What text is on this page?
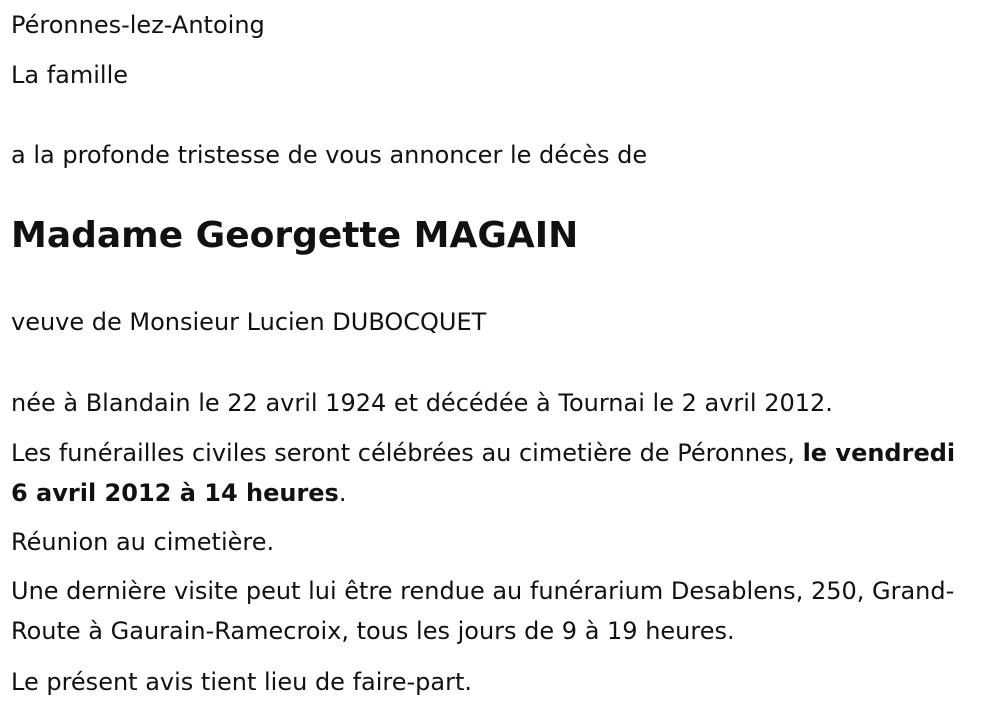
Péronnes-lez-Antoing

La famille

a la profonde tristesse de vous annoncer le décès de

Madame Georgette MAGAIN

veuve de Monsieur Lucien DUBOCQUET

née à Blandain le 22 avril 1924 et décédée à Tournai le 2 avril 2012.

Les funérailles civiles seront célébrées au cimetière de Péronnes, le vendredi 6 avril 2012 à 14 heures.

Réunion au cimetière.

Une dernière visite peut lui être rendue au funérarium Desablens, 250, Grand-Route à Gaurain-Ramecroix, tous les jours de 9 à 19 heures.

Le présent avis tient lieu de faire-part.
